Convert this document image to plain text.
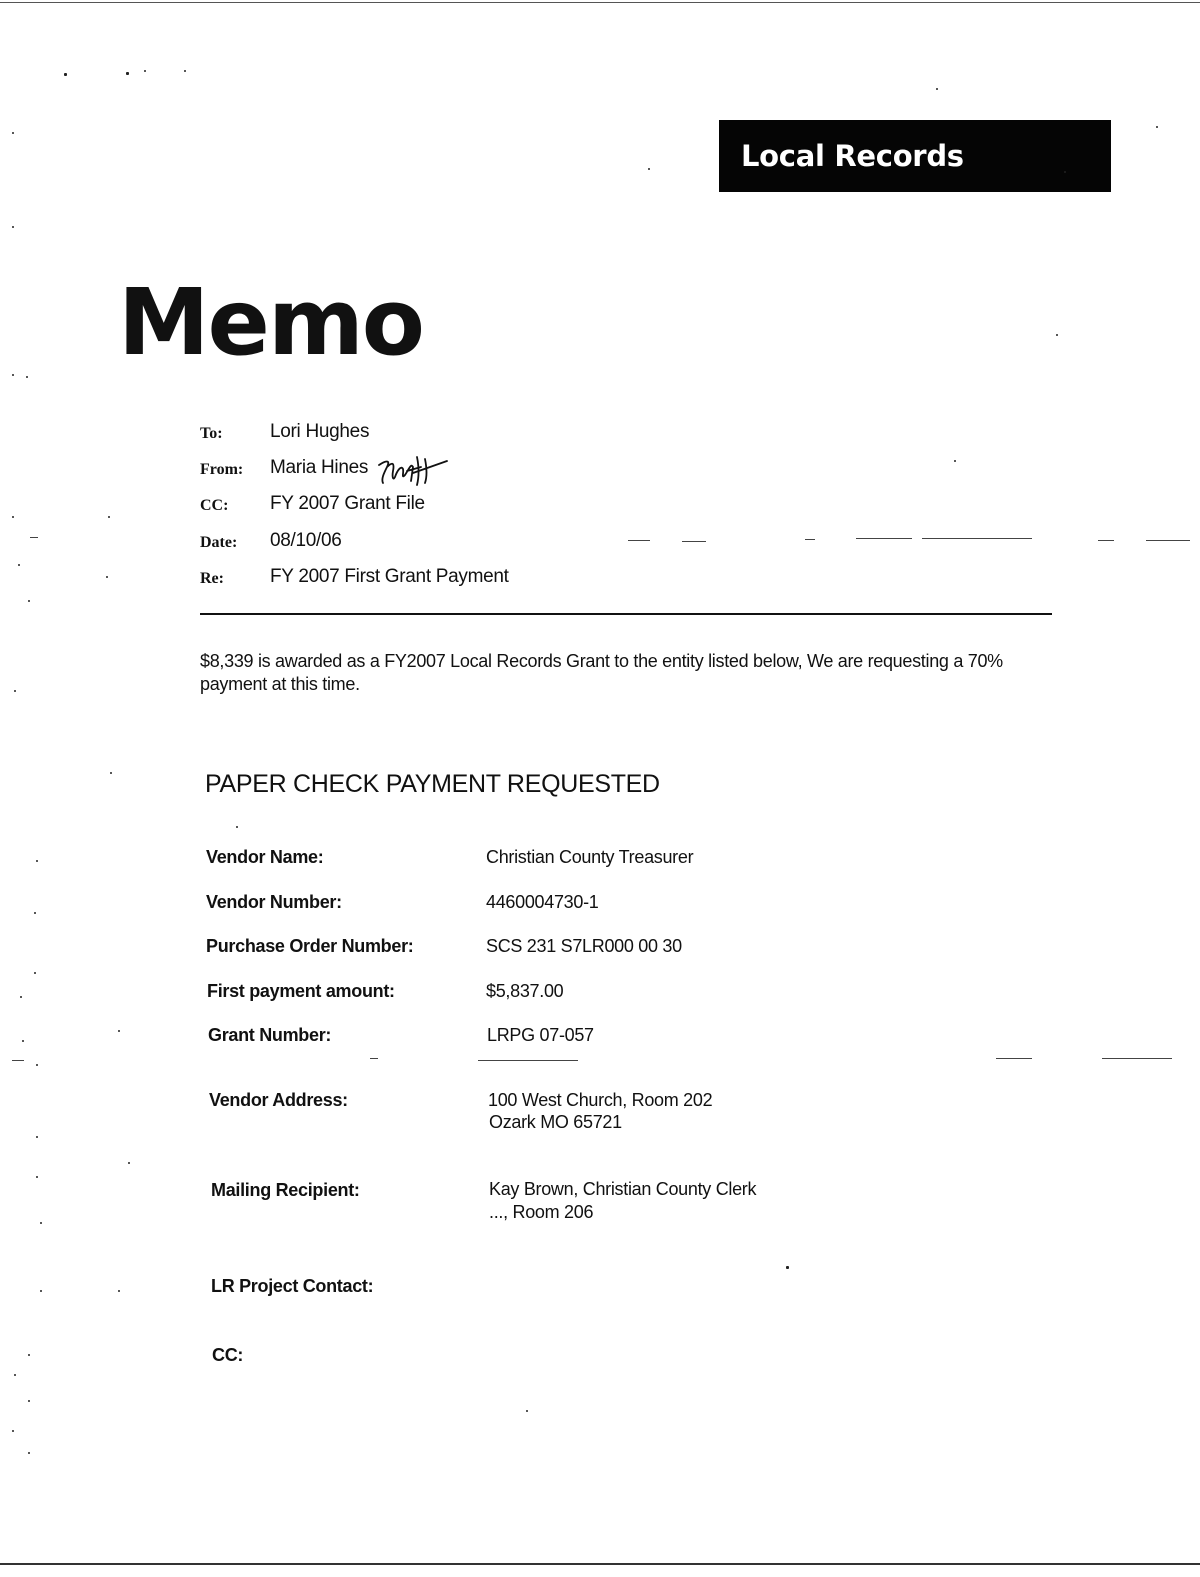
Local Records
Memo
To: Lori Hughes
From: Maria Hines
CC: FY 2007 Grant File
Date: 08/10/06
Re: FY 2007 First Grant Payment
$8,339 is awarded as a FY2007 Local Records Grant to the entity listed below, We are requesting a 70% payment at this time.
PAPER CHECK PAYMENT REQUESTED
Vendor Name:	Christian County Treasurer
Vendor Number:	4460004730-1
Purchase Order Number:	SCS 231 S7LR000 00 30
First payment amount:	$5,837.00
Grant Number:	LRPG 07-057
Vendor Address:	100 West Church, Room 202
Ozark MO 65721
Mailing Recipient:	Kay Brown, Christian County Clerk
..., Room 206
LR Project Contact:
CC:
